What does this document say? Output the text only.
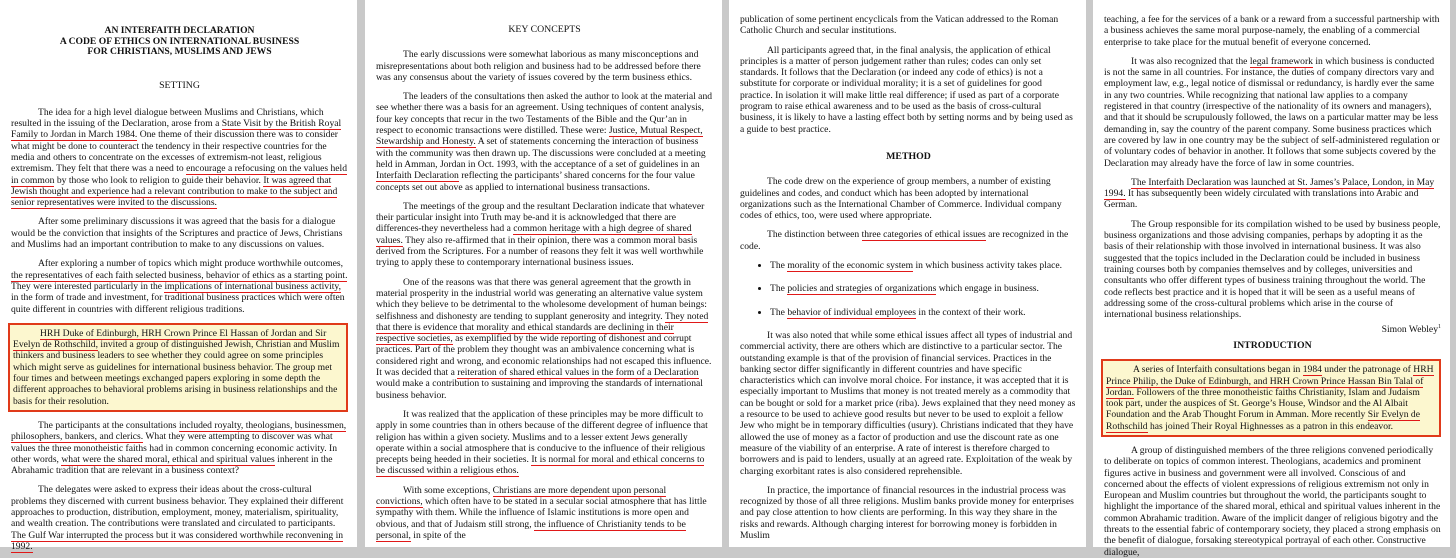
AN INTERFAITH DECLARATION
A CODE OF ETHICS ON INTERNATIONAL BUSINESS
FOR CHRISTIANS, MUSLIMS AND JEWS
SETTING

The idea for a high level dialogue between Muslims and Christians, which resulted in the issuing of the Declaration, arose from a State Visit by the British Royal Family to Jordan in March 1984. One theme of their discussion there was to consider what might be done to counteract the tendency in their respective countries for the media and others to concentrate on the excesses of extremism-not least, religious extremism. They felt that there was a need to encourage a refocusing on the values held in common by those who look to religion to guide their behavior. It was agreed that Jewish thought and experience had a relevant contribution to make to the subject and senior representatives were invited to the discussions.

After some preliminary discussions it was agreed that the basis for a dialogue would be the conviction that insights of the Scriptures and practice of Jews, Christians and Muslims had an important contribution to make to any discussions on values.

After exploring a number of topics which might produce worthwhile outcomes, the representatives of each faith selected business, behavior of ethics as a starting point. They were interested particularly in the implications of international business activity, in the form of trade and investment, for traditional business practices which were often quite different in countries with different religious traditions.

HRH Duke of Edinburgh, HRH Crown Prince El Hassan of Jordan and Sir Evelyn de Rothschild, invited a group of distinguished Jewish, Christian and Muslim thinkers and business leaders to see whether they could agree on some principles which might serve as guidelines for international business behavior. The group met four times and between meetings exchanged papers exploring in some depth the different approaches to behavioral problems arising in business relationships and the basis for their resolution.

The participants at the consultations included royalty, theologians, businessmen, philosophers, bankers, and clerics. What they were attempting to discover was what values the three monotheistic faiths had in common concerning economic activity. In other words, what were the shared moral, ethical and spiritual values inherent in the Abrahamic tradition that are relevant in a business context?

The delegates were asked to express their ideas about the cross-cultural problems they discerned with current business behavior. They explained their different approaches to production, distribution, employment, money, materialism, spirituality, and wealth creation. The contributions were translated and circulated to participants. The Gulf War interrupted the process but it was considered worthwhile reconvening in 1992.

KEY CONCEPTS

The early discussions were somewhat laborious as many misconceptions and misrepresentations about both religion and business had to be addressed before there was any consensus about the variety of issues covered by the term business ethics.

The leaders of the consultations then asked the author to look at the material and see whether there was a basis for an agreement. Using techniques of content analysis, four key concepts that recur in the two Testaments of the Bible and the Qur’an in respect to economic transactions were distilled. These were: Justice, Mutual Respect, Stewardship and Honesty. A set of statements concerning the interaction of business with the community was then drawn up. The discussions were concluded at a meeting held in Amman, Jordan in Oct. 1993, with the acceptance of a set of guidelines in an Interfaith Declaration reflecting the participants’ shared concerns for the four value concepts set out above as applied to international business transactions.

The meetings of the group and the resultant Declaration indicate that whatever their particular insight into Truth may be-and it is acknowledged that there are differences-they nevertheless had a common heritage with a high degree of shared values. They also re-affirmed that in their opinion, there was a common moral basis derived from the Scriptures. For a number of reasons they felt it was well worthwhile trying to apply these to contemporary international business issues.

One of the reasons was that there was general agreement that the growth in material prosperity in the industrial world was generating an alternative value system which they believe to be detrimental to the wholesome development of human beings: selfishness and dishonesty are tending to supplant generosity and integrity. They noted that there is evidence that morality and ethical standards are declining in their respective societies, as exemplified by the wide reporting of dishonest and corrupt practices. Part of the problem they thought was an ambivalence concerning what is considered right and wrong, and economic relationships had not escaped this influence. It was decided that a reiteration of shared ethical values in the form of a Declaration would make a contribution to sustaining and improving the standards of international business behavior.

It was realized that the application of these principles may be more difficult to apply in some countries than in others because of the different degree of influence that religion has within a given society. Muslims and to a lesser extent Jews generally operate within a social atmosphere that is conducive to the influence of their religious precepts being heeded in their societies. It is normal for moral and ethical concerns to be discussed within a religious ethos.

With some exceptions, Christians are more dependent upon personal convictions, which often have to be stated in a secular social atmosphere that has little sympathy with them. While the influence of Islamic institutions is more open and obvious, and that of Judaism still strong, the influence of Christianity tends to be personal, in spite of the

publication of some pertinent encyclicals from the Vatican addressed to the Roman Catholic Church and secular institutions.

All participants agreed that, in the final analysis, the application of ethical principles is a matter of person judgement rather than rules; codes can only set standards. It follows that the Declaration (or indeed any code of ethics) is not a substitute for corporate or individual morality; it is a set of guidelines for good practice. In isolation it will make little real difference; if used as part of a corporate program to raise ethical awareness and to be used as the basis of cross-cultural business, it is likely to have a lasting effect both by setting norms and by being used as a guide to best practice.

METHOD

The code drew on the experience of group members, a number of existing guidelines and codes, and conduct which has been adopted by international organizations such as the International Chamber of Commerce. Individual company codes of ethics, too, were used where appropriate.

The distinction between three categories of ethical issues are recognized in the code.

• The morality of the economic system in which business activity takes place.
• The policies and strategies of organizations which engage in business.
• The behavior of individual employees in the context of their work.

It was also noted that while some ethical issues affect all types of industrial and commercial activity, there are others which are distinctive to a particular sector. The outstanding example is that of the provision of financial services. Practices in the banking sector differ significantly in different countries and have specific characteristics which can involve moral choice. For instance, it was accepted that it is especially important to Muslims that money is not treated merely as a commodity that can be bought or sold for a market price (riba). Jews explained that they need money as a resource to be used to achieve good results but never to be used to exploit a fellow Jew who might be in temporary difficulties (usury). Christians indicated that they have allowed the use of money as a factor of production and use the discount rate as one measure of the viability of an enterprise. A rate of interest is therefore charged to borrowers and is paid to lenders, usually at an agreed rate. Exploitation of the weak by charging exorbitant rates is also considered reprehensible.

In practice, the importance of financial resources in the industrial process was recognized by those of all three religions. Muslim banks provide money for enterprises and pay close attention to how clients are performing. In this way they share in the risks and rewards. Although charging interest for borrowing money is forbidden in Muslim

teaching, a fee for the services of a bank or a reward from a successful partnership with a business achieves the same moral purpose-namely, the enabling of a commercial enterprise to take place for the mutual benefit of everyone concerned.

It was also recognized that the legal framework in which business is conducted is not the same in all countries. For instance, the duties of company directors vary and employment law, e.g., legal notice of dismissal or redundancy, is hardly ever the same in any two countries. While recognizing that national law applies to a company registered in that country (irrespective of the nationality of its owners and managers), and that it should be scrupulously followed, the laws on a particular matter may be less demanding in, say the country of the parent company. Some business practices which are covered by law in one country may be the subject of self-administered regulation or of voluntary codes of behavior in another. It follows that some subjects covered by the Declaration may already have the force of law in some countries.

The Interfaith Declaration was launched at St. James’s Palace, London, in May 1994. It has subsequently been widely circulated with translations into Arabic and German.

The Group responsible for its compilation wished to be used by business people, business organizations and those advising companies, perhaps by adopting it as the basis of their relationship with those involved in international business. It was also suggested that the topics included in the Declaration could be included in business training courses both by companies themselves and by colleges, universities and consultants who offer different types of business training throughout the world. The code reflects best practice and it is hoped that it will be seen as a useful means of addressing some of the cross-cultural problems which arise in the course of international business relationships.

Simon Webley$^1$
INTRODUCTION

A series of Interfaith consultations began in 1984 under the patronage of HRH Prince Philip, the Duke of Edinburgh, and HRH Crown Prince Hassan Bin Talal of Jordan. Followers of the three monotheistic faiths Christianity, Islam and Judaism took part, under the auspices of St. George’s House, Windsor and the Al Albait Foundation and the Arab Thought Forum in Amman. More recently Sir Evelyn de Rothschild has joined Their Royal Highnesses as a patron in this endeavor.

A group of distinguished members of the three religions convened periodically to deliberate on topics of common interest. Theologians, academics and prominent figures active in business and government were all involved. Conscious of and concerned about the effects of violent expressions of religious extremism not only in European and Muslim countries but throughout the world, the participants sought to highlight the importance of the shared moral, ethical and spiritual values inherent in the common Abrahamic tradition. Aware of the implicit danger of religious bigotry and the threats to the essential fabric of contemporary society, they placed a strong emphasis on the benefit of dialogue, forsaking stereotypical portrayal of each other. Constructive dialogue,
